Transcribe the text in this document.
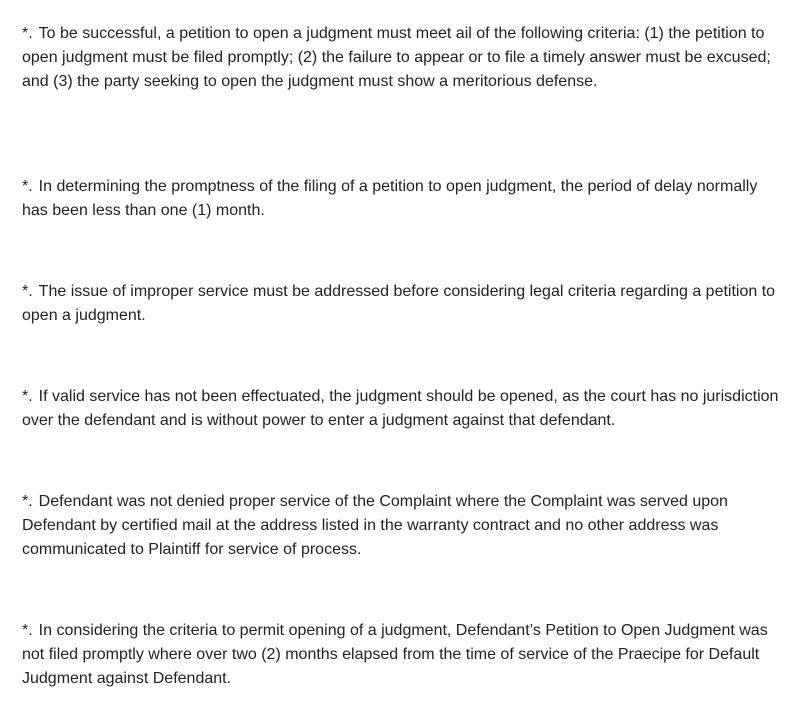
*. To be successful, a petition to open a judgment must meet ail of the following criteria: (1) the petition to open judgment must be filed promptly; (2) the failure to appear or to file a timely answer must be excused; and (3) the party seeking to open the judgment must show a meritorious defense.

*. In determining the promptness of the filing of a petition to open judgment, the period of delay normally has been less than one (1) month.

*. The issue of improper service must be addressed before considering legal criteria regarding a petition to open a judgment.

*. If valid service has not been effectuated, the judgment should be opened, as the court has no jurisdiction over the defendant and is without power to enter a judgment against that defendant.

*. Defendant was not denied proper service of the Complaint where the Complaint was served upon Defendant by certified mail at the address listed in the warranty contract and no other address was communicated to Plaintiff for service of process.

*. In considering the criteria to permit opening of a judgment, Defendant’s Petition to Open Judgment was not filed promptly where over two (2) months elapsed from the time of service of the Praecipe for Default Judgment against Defendant.
